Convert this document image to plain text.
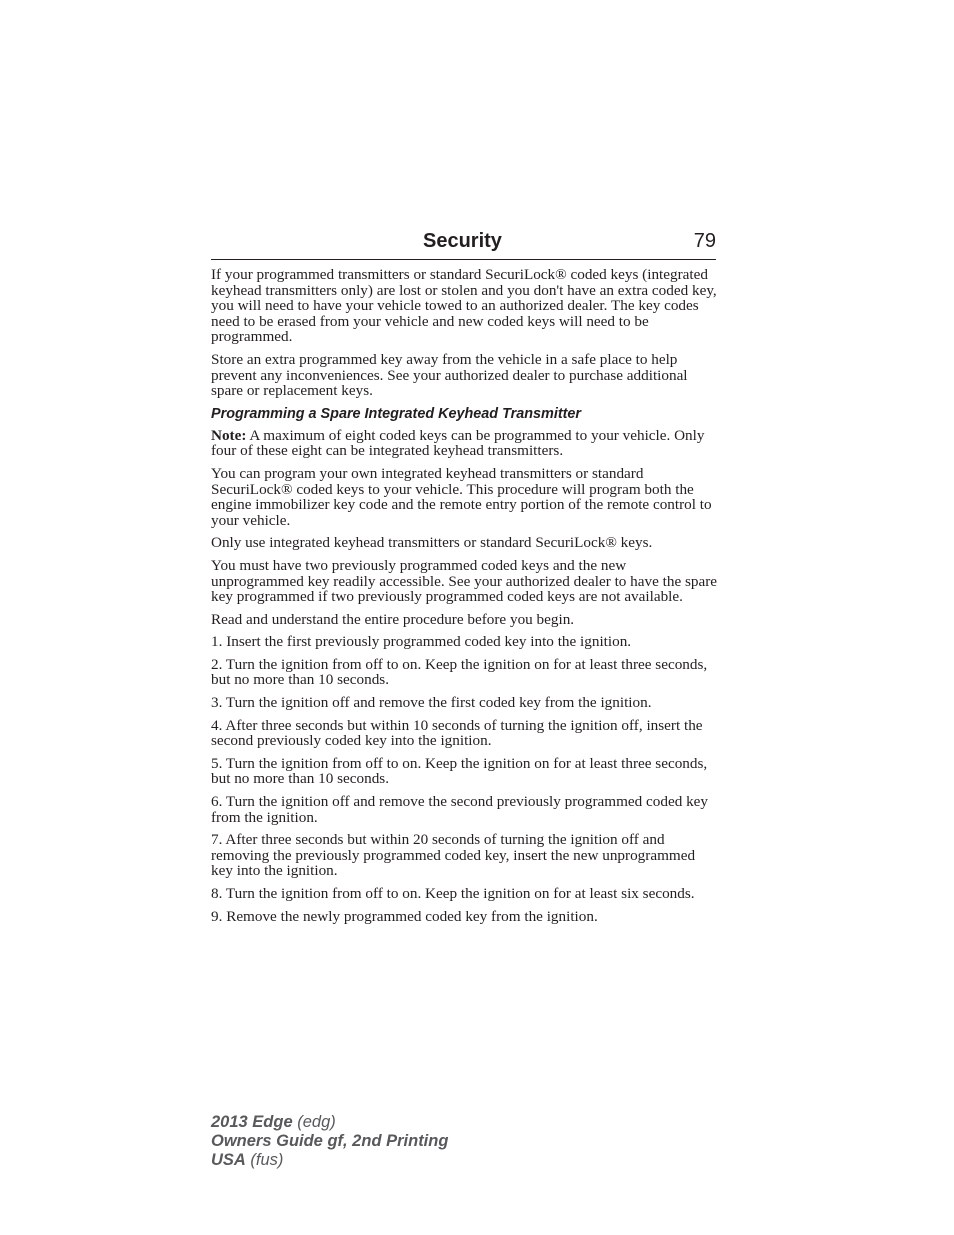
Security	79

If your programmed transmitters or standard SecuriLock® coded keys (integrated keyhead transmitters only) are lost or stolen and you don't have an extra coded key, you will need to have your vehicle towed to an authorized dealer. The key codes need to be erased from your vehicle and new coded keys will need to be programmed.

Store an extra programmed key away from the vehicle in a safe place to help prevent any inconveniences. See your authorized dealer to purchase additional spare or replacement keys.

Programming a Spare Integrated Keyhead Transmitter

Note: A maximum of eight coded keys can be programmed to your vehicle. Only four of these eight can be integrated keyhead transmitters.

You can program your own integrated keyhead transmitters or standard SecuriLock® coded keys to your vehicle. This procedure will program both the engine immobilizer key code and the remote entry portion of the remote control to your vehicle.

Only use integrated keyhead transmitters or standard SecuriLock® keys.

You must have two previously programmed coded keys and the new unprogrammed key readily accessible. See your authorized dealer to have the spare key programmed if two previously programmed coded keys are not available.

Read and understand the entire procedure before you begin.

1. Insert the first previously programmed coded key into the ignition.

2. Turn the ignition from off to on. Keep the ignition on for at least three seconds, but no more than 10 seconds.

3. Turn the ignition off and remove the first coded key from the ignition.

4. After three seconds but within 10 seconds of turning the ignition off, insert the second previously coded key into the ignition.

5. Turn the ignition from off to on. Keep the ignition on for at least three seconds, but no more than 10 seconds.

6. Turn the ignition off and remove the second previously programmed coded key from the ignition.

7. After three seconds but within 20 seconds of turning the ignition off and removing the previously programmed coded key, insert the new unprogrammed key into the ignition.

8. Turn the ignition from off to on. Keep the ignition on for at least six seconds.

9. Remove the newly programmed coded key from the ignition.

2013 Edge (edg)
Owners Guide gf, 2nd Printing
USA (fus)
